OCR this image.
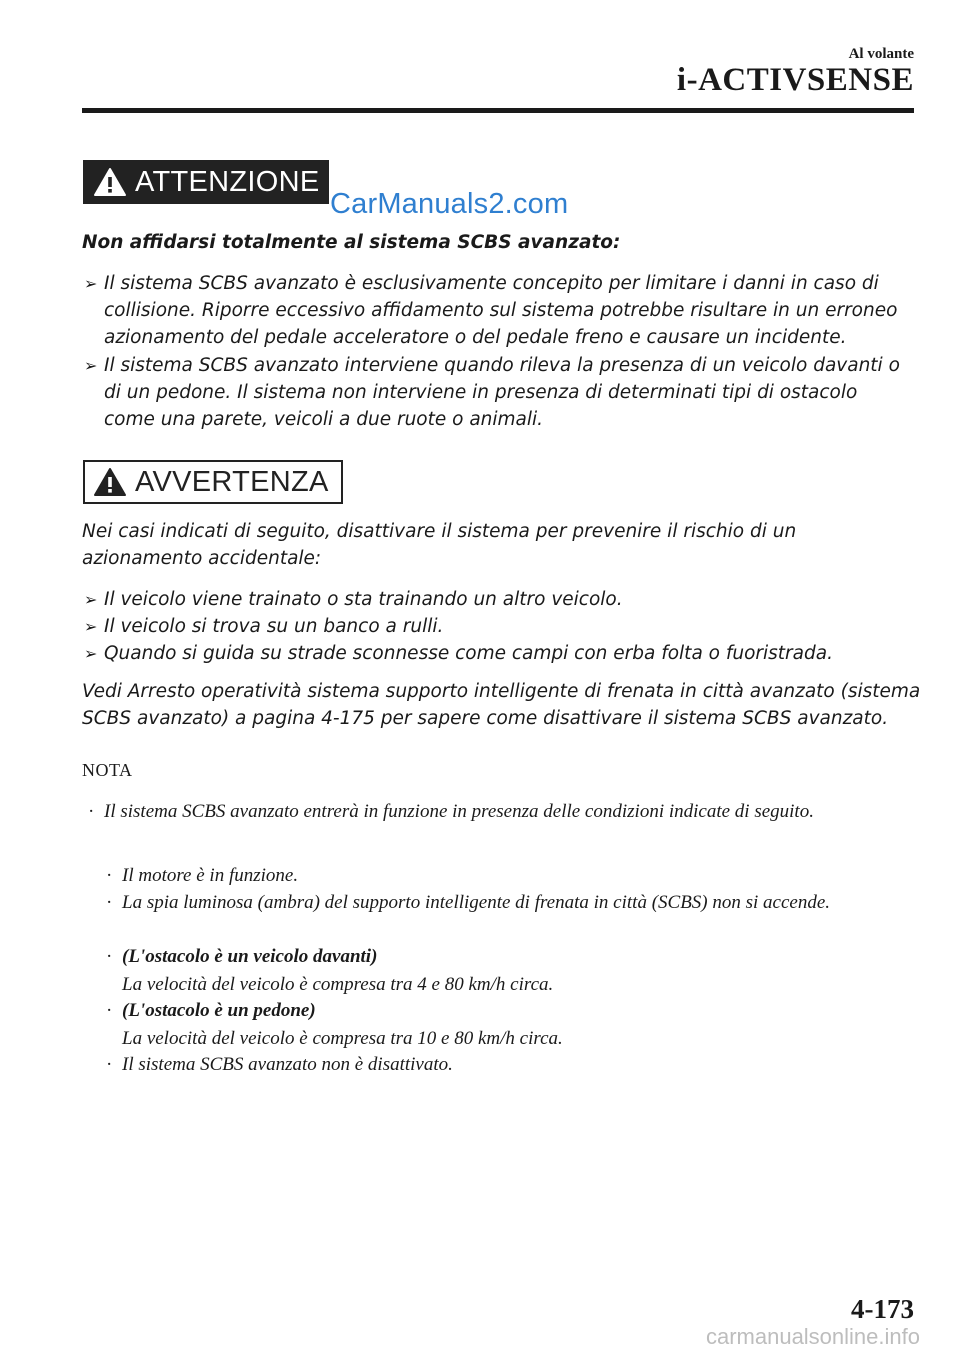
Al volante
i-ACTIVSENSE
ATTENZIONE
CarManuals2.com
Non affidarsi totalmente al sistema SCBS avanzato:
➢ Il sistema SCBS avanzato è esclusivamente concepito per limitare i danni in caso di collisione. Riporre eccessivo affidamento sul sistema potrebbe risultare in un erroneo azionamento del pedale acceleratore o del pedale freno e causare un incidente.
➢ Il sistema SCBS avanzato interviene quando rileva la presenza di un veicolo davanti o di un pedone. Il sistema non interviene in presenza di determinati tipi di ostacolo come una parete, veicoli a due ruote o animali.
AVVERTENZA
Nei casi indicati di seguito, disattivare il sistema per prevenire il rischio di un azionamento accidentale:
➢ Il veicolo viene trainato o sta trainando un altro veicolo.
➢ Il veicolo si trova su un banco a rulli.
➢ Quando si guida su strade sconnesse come campi con erba folta o fuoristrada.
Vedi Arresto operatività sistema supporto intelligente di frenata in città avanzato (sistema SCBS avanzato) a pagina 4-175 per sapere come disattivare il sistema SCBS avanzato.
NOTA
· Il sistema SCBS avanzato entrerà in funzione in presenza delle condizioni indicate di seguito.
· Il motore è in funzione.
· La spia luminosa (ambra) del supporto intelligente di frenata in città (SCBS) non si accende.
· (L'ostacolo è un veicolo davanti)
La velocità del veicolo è compresa tra 4 e 80 km/h circa.
· (L'ostacolo è un pedone)
La velocità del veicolo è compresa tra 10 e 80 km/h circa.
· Il sistema SCBS avanzato non è disattivato.
4-173
carmanualsonline.info
